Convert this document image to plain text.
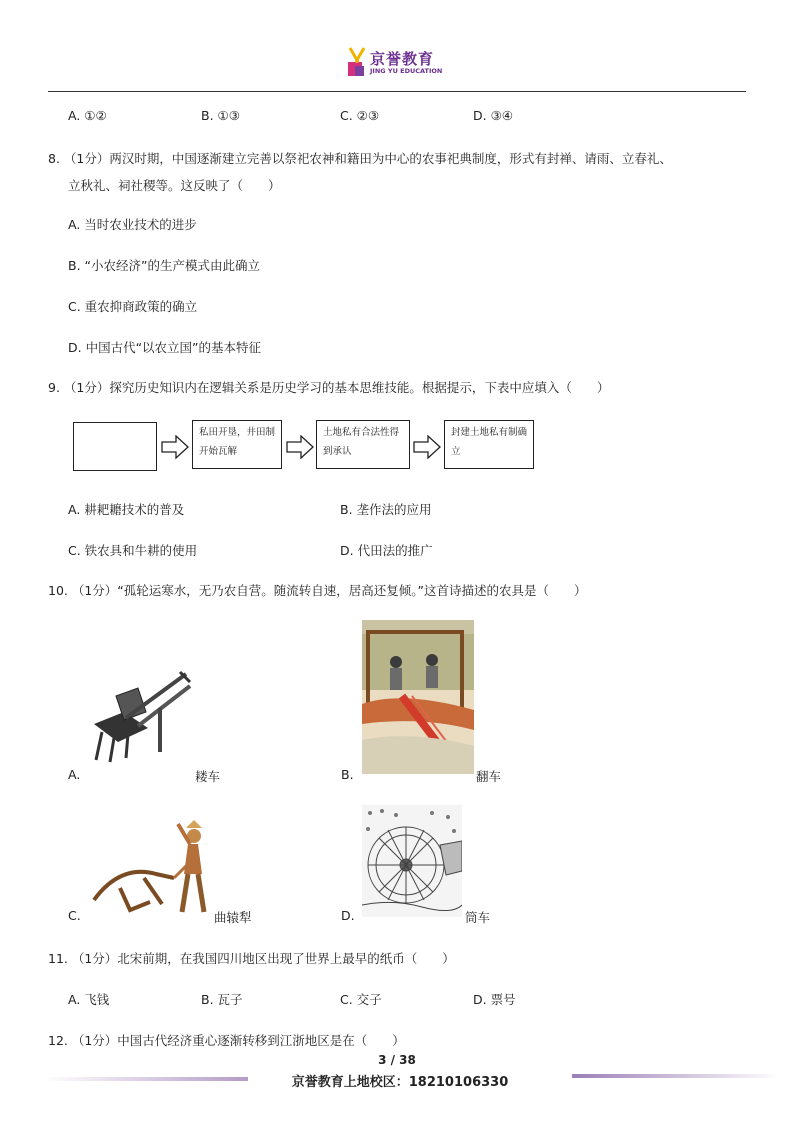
京誉教育
JING YU EDUCATION
A. ①②	B. ①③	C. ②③	D. ③④
8. （1分）两汉时期，中国逐渐建立完善以祭祀农神和籍田为中心的农事祀典制度，形式有封禅、请雨、立春礼、
立秋礼、祠社稷等。这反映了（　　）
A. 当时农业技术的进步
B. “小农经济”的生产模式由此确立
C. 重农抑商政策的确立
D. 中国古代“以农立国”的基本特征
9. （1分）探究历史知识内在逻辑关系是历史学习的基本思维技能。根据提示，下表中应填入（　　）
私田开垦，井田制开始瓦解
土地私有合法性得到承认
封建土地私有制确立
A. 耕耙耱技术的普及	B. 垄作法的应用
C. 铁农具和牛耕的使用	D. 代田法的推广
10. （1分）“孤轮运寒水，无乃农自营。随流转自速，居高还复倾。”这首诗描述的农具是（　　）
A.	耧车	B.	翻车
C.	曲辕犁	D.	筒车
11. （1分）北宋前期，在我国四川地区出现了世界上最早的纸币（　　）
A. 飞钱	B. 瓦子	C. 交子	D. 票号
12. （1分）中国古代经济重心逐渐转移到江浙地区是在（　　）
3 / 38
京誉教育上地校区：18210106330
